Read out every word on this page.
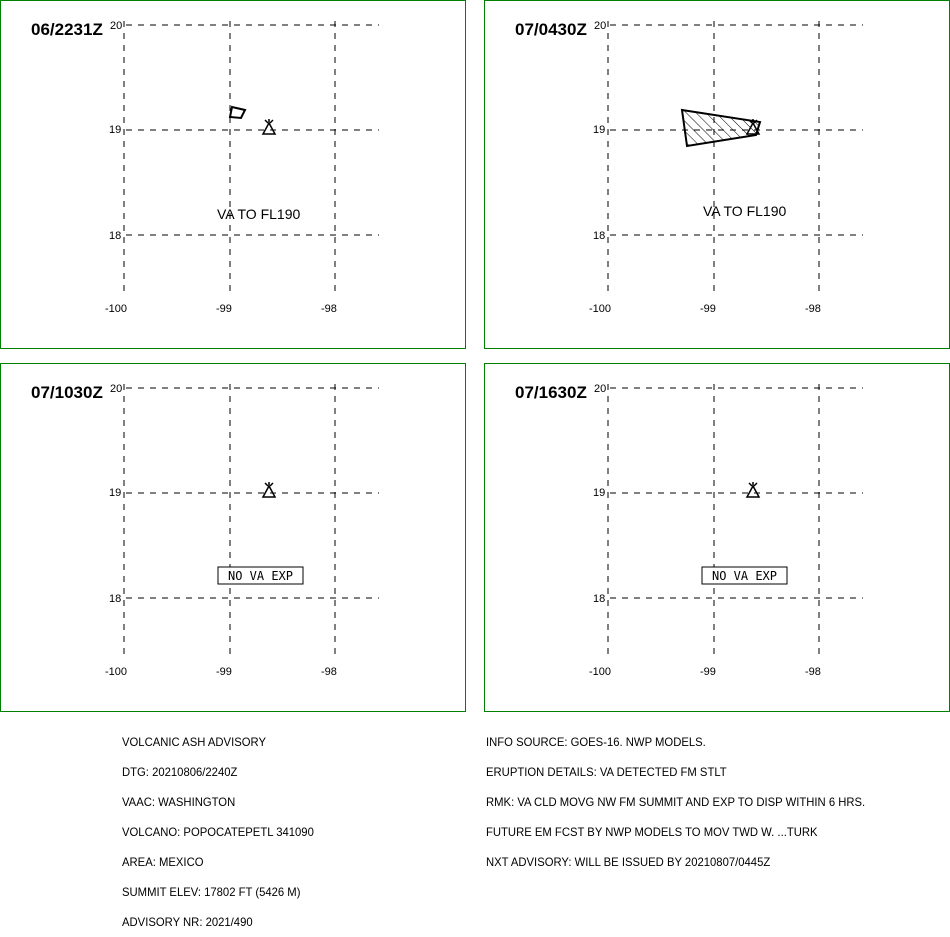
06/2231Z 20
19
18
-100	-99	-98
VA TO FL190
07/0430Z 20
19
18
-100	-99	-98
VA TO FL190
07/1030Z 20
19
18
-100	-99	-98
NO VA EXP
07/1630Z 20
19
18
-100	-99	-98
NO VA EXP

VOLCANIC ASH ADVISORY

DTG: 20210806/2240Z

VAAC: WASHINGTON

VOLCANO: POPOCATEPETL 341090

AREA: MEXICO

SUMMIT ELEV: 17802 FT (5426 M)

ADVISORY NR: 2021/490

INFO SOURCE: GOES-16. NWP MODELS.

ERUPTION DETAILS: VA DETECTED FM STLT

RMK: VA CLD MOVG NW FM SUMMIT AND EXP TO DISP WITHIN 6 HRS.

FUTURE EM FCST BY NWP MODELS TO MOV TWD W. ...TURK

NXT ADVISORY: WILL BE ISSUED BY 20210807/0445Z
